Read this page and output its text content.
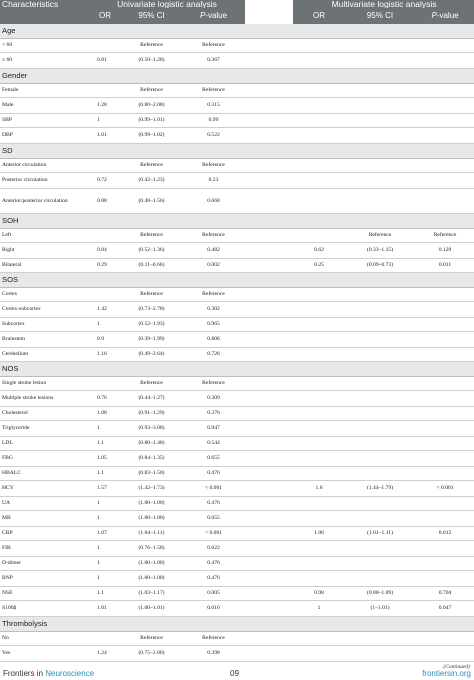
Characteristics	Univariate logistic analysis				Multivariate logistic analysis		
	OR	95% CI	P-value		OR	95% CI	P-value
Age							
< 60		Reference	Reference				
≥ 60	0.81	(0.50–1.28)	0.367				
Gender							
Female		Reference	Reference				
Male	1.28	(0.80–2.08)	0.315				
SBP	1	(0.99–1.01)	0.99				
DBP	1.01	(0.99–1.02)	0.522				
SD							
Anterior circulation		Reference	Reference				
Posterior circulation	0.72	(0.42–1.23)	0.23				
Anterior/posterior circulation	0.88	(0.48–1.56)	0.668				
SOH							
Left		Reference	Reference			Reference	Reference
Right	0.84	(0.52–1.36)	0.482		0.62	(0.33–1.15)	0.129
Bilateral	0.29	(0.11–0.66)	0.002		0.25	(0.09–0.73)	0.011
SOS							
Cortex		Reference	Reference				
Cortex-subcortex	1.42	(0.73–2.78)	0.302				
Subcortex	1	(0.52–1.93)	0.965				
Brainstem	0.9	(0.39–1.99)	0.806				
Cerebellum	1.16	(0.49–2.64)	0.728				
NOS							
Single stroke lesion		Reference	Reference				
Multiple stroke lesions	0.76	(0.44–1.27)	0.309				
Cholesterol	1.08	(0.91–1.29)	0.376				
Triglyceride	1	(0.93–3.08)	0.947				
LDL	1.1	(0.80–1.48)	0.544				
FBG	1.05	(0.84–1.35)	0.655				
HBALC	1.1	(0.83–1.50)	0.476				
HCY	1.57	(1.42–1.73)	< 0.001		1.6	(1.44–1.79)	< 0.001
UA	1	(1.00–1.00)	0.476				
MB	1	(1.00–1.00)	0.655				
CRP	1.07	(1.04–1.11)	< 0.001		1.06	(1.01–1.11)	0.012
FIB	1	(0.76–1.58)	0.622				
D-dimer	1	(1.00–1.00)	0.476				
BNP	1	(1.00–1.00)	0.476				
NSE	1.1	(1.03–1.17)	0.005		0.98	(0.88–1.09)	0.704
S100β	1.01	(1.00–1.01)	0.016		1	(1–1.01)	0.047
Thrombolysis							
No		Reference	Reference				
Yes	1.24	(0.75–2.00)	0.398				
(Continued)
Frontiers in Neuroscience	09	frontiersin.org
